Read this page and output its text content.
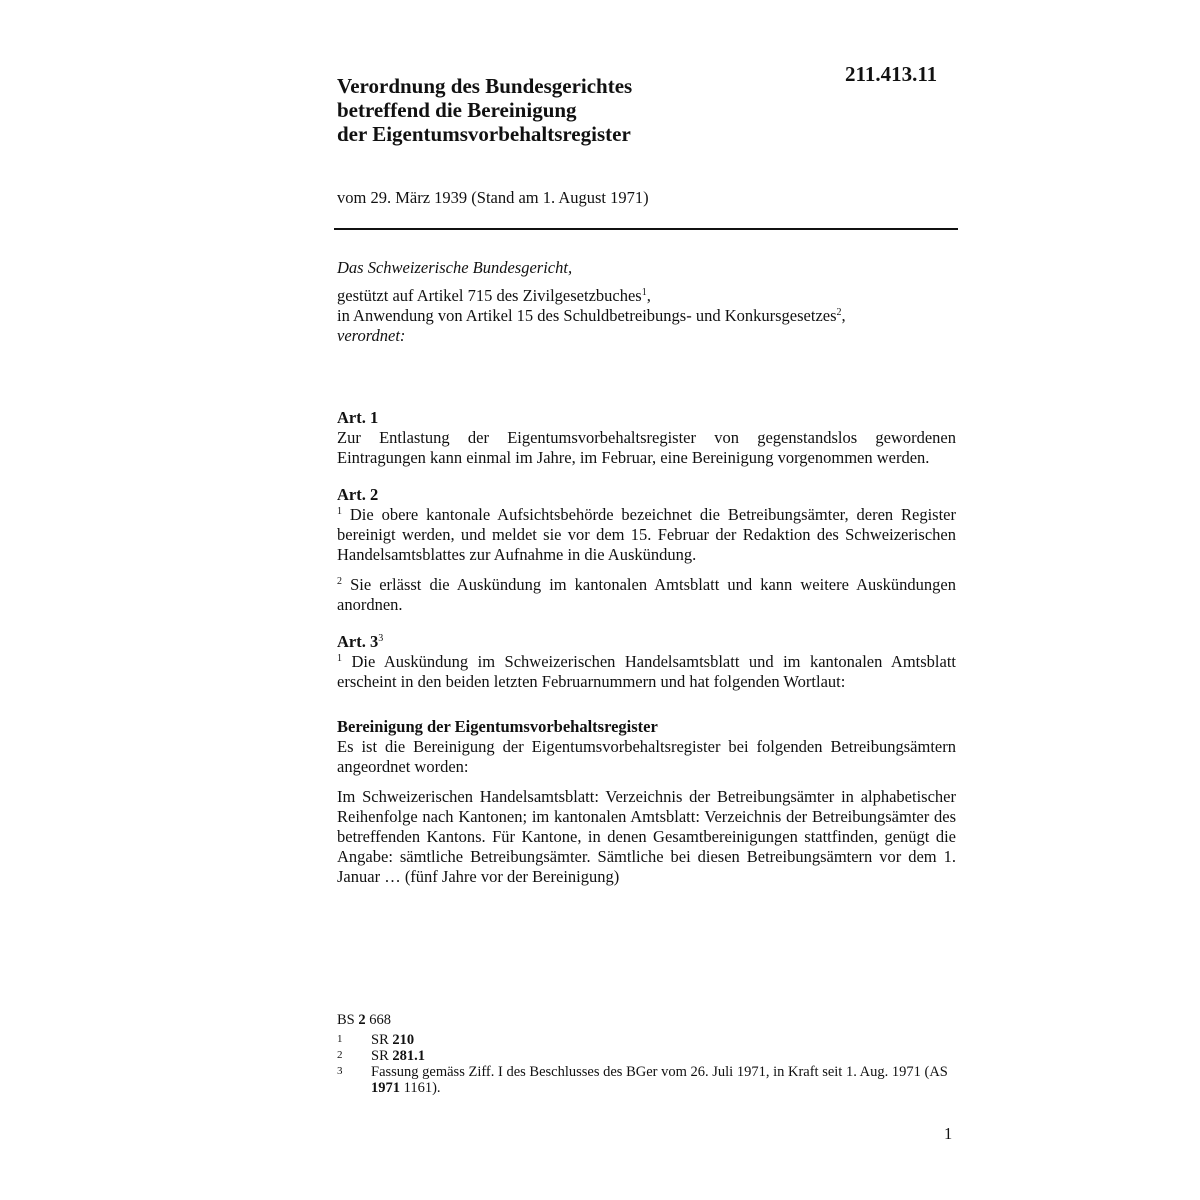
211.413.11
Verordnung des Bundesgerichtes
betreffend die Bereinigung
der Eigentumsvorbehaltsregister
vom 29. März 1939 (Stand am 1. August 1971)

Das Schweizerische Bundesgericht,

gestützt auf Artikel 715 des Zivilgesetzbuches$^1$,

in Anwendung von Artikel 15 des Schuldbetreibungs- und Konkursgesetzes$^2$,

verordnet:

Art. 1

Zur Entlastung der Eigentumsvorbehaltsregister von gegenstandslos gewordenen Eintragungen kann einmal im Jahre, im Februar, eine Bereinigung vorgenommen werden.

Art. 2

$^1$ Die obere kantonale Aufsichtsbehörde bezeichnet die Betreibungsämter, deren Register bereinigt werden, und meldet sie vor dem 15. Februar der Redaktion des Schweizerischen Handelsamtsblattes zur Aufnahme in die Auskündung.

$^2$ Sie erlässt die Auskündung im kantonalen Amtsblatt und kann weitere Auskündungen anordnen.

Art. $3^3$

$^1$ Die Auskündung im Schweizerischen Handelsamtsblatt und im kantonalen Amtsblatt erscheint in den beiden letzten Februarnummern und hat folgenden Wortlaut:

Bereinigung der Eigentumsvorbehaltsregister

Es ist die Bereinigung der Eigentumsvorbehaltsregister bei folgenden Betreibungsämtern angeordnet worden:

Im Schweizerischen Handelsamtsblatt: Verzeichnis der Betreibungsämter in alphabetischer Reihenfolge nach Kantonen; im kantonalen Amtsblatt: Verzeichnis der Betreibungsämter des betreffenden Kantons. Für Kantone, in denen Gesamtbereinigungen stattfinden, genügt die Angabe: sämtliche Betreibungsämter. Sämtliche bei diesen Betreibungsämtern vor dem 1. Januar … (fünf Jahre vor der Bereinigung)

BS 2 668
1	SR 210
2	SR 281.1
3	Fassung gemäss Ziff. I des Beschlusses des BGer vom 26. Juli 1971, in Kraft seit 1. Aug. 1971 (AS 1971 1161).
1
